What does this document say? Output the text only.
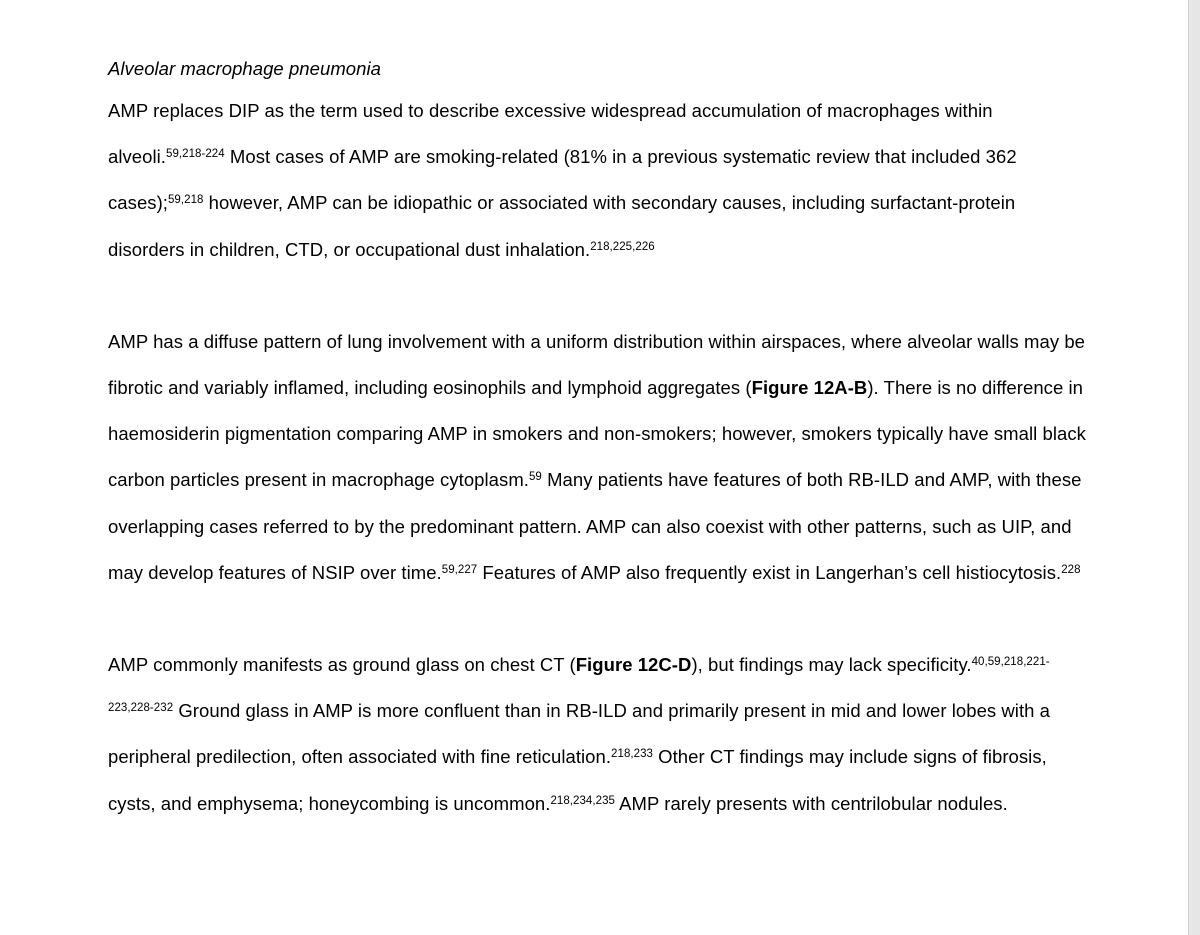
Alveolar macrophage pneumonia

AMP replaces DIP as the term used to describe excessive widespread accumulation of macrophages within alveoli.$^{59,218-224}$ Most cases of AMP are smoking-related (81% in a previous systematic review that included 362 cases);$^{59,218}$ however, AMP can be idiopathic or associated with secondary causes, including surfactant-protein disorders in children, CTD, or occupational dust inhalation.$^{218,225,226}$

AMP has a diffuse pattern of lung involvement with a uniform distribution within airspaces, where alveolar walls may be fibrotic and variably inflamed, including eosinophils and lymphoid aggregates (Figure 12A-B). There is no difference in haemosiderin pigmentation comparing AMP in smokers and non-smokers; however, smokers typically have small black carbon particles present in macrophage cytoplasm.$^{59}$ Many patients have features of both RB-ILD and AMP, with these overlapping cases referred to by the predominant pattern. AMP can also coexist with other patterns, such as UIP, and may develop features of NSIP over time.$^{59,227}$ Features of AMP also frequently exist in Langerhan’s cell histiocytosis.$^{228}$

AMP commonly manifests as ground glass on chest CT (Figure 12C-D), but findings may lack specificity.$^{40,59,218,221-223,228-232}$ Ground glass in AMP is more confluent than in RB-ILD and primarily present in mid and lower lobes with a peripheral predilection, often associated with fine reticulation.$^{218,233}$ Other CT findings may include signs of fibrosis, cysts, and emphysema; honeycombing is uncommon.$^{218,234,235}$ AMP rarely presents with centrilobular nodules.
